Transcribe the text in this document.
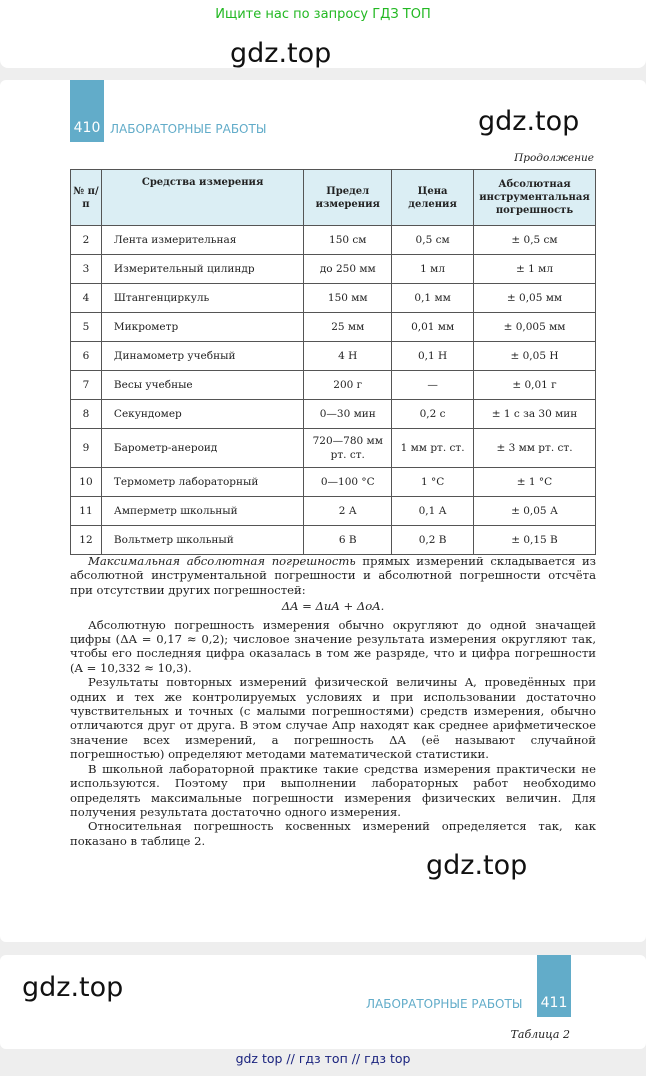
Ищите нас по запросу ГДЗ ТОП
gdz.top
410 ЛАБОРАТОРНЫЕ РАБОТЫ	gdz.top
Продолжение
№ п/п	Средства измерения	Предел измерения	Цена деления	Абсолютная инструментальная погрешность
2	Лента измерительная	150 см	0,5 см	± 0,5 см
3	Измерительный цилиндр	до 250 мм	1 мл	± 1 мл
4	Штангенциркуль	150 мм	0,1 мм	± 0,05 мм
5	Микрометр	25 мм	0,01 мм	± 0,005 мм
6	Динамометр учебный	4 Н	0,1 Н	± 0,05 Н
7	Весы учебные	200 г	—	± 0,01 г
8	Секундомер	0—30 мин	0,2 с	± 1 с за 30 мин
9	Барометр-анероид	720—780 мм рт. ст.	1 мм рт. ст.	± 3 мм рт. ст.
10	Термометр лабораторный	0—100 °С	1 °С	± 1 °С
11	Амперметр школьный	2 А	0,1 А	± 0,05 А
12	Вольтметр школьный	6 В	0,2 В	± 0,15 В

Максимальная абсолютная погрешность прямых измерений складывается из абсолютной инструментальной погрешности и абсолютной погрешности отсчёта при отсутствии других погрешностей:

ΔA = ΔиA + ΔоA.

Абсолютную погрешность измерения обычно округляют до одной значащей цифры (ΔA = 0,17 ≈ 0,2); числовое значение результата измерения округляют так, чтобы его последняя цифра оказалась в том же разряде, что и цифра погрешности (A = 10,332 ≈ 10,3).

Результаты повторных измерений физической величины A, проведённых при одних и тех же контролируемых условиях и при использовании достаточно чувствительных и точных (с малыми погрешностями) средств измерения, обычно отличаются друг от друга. В этом случае Aпр находят как среднее арифметическое значение всех измерений, а погрешность ΔA (её называют случайной погрешностью) определяют методами математической статистики.

В школьной лабораторной практике такие средства измерения практически не используются. Поэтому при выполнении лабораторных работ необходимо определять максимальные погрешности измерения физических величин. Для получения результата достаточно одного измерения.

Относительная погрешность косвенных измерений определяется так, как показано в таблице 2.

gdz.top
411
ЛАБОРАТОРНЫЕ РАБОТЫ
gdz.top
Таблица 2
gdz top // гдз топ // гдз top
